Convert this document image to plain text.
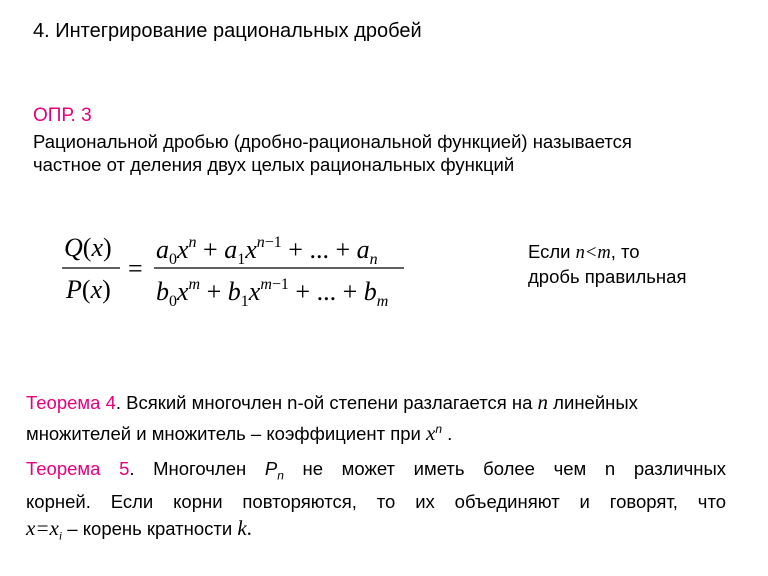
4. Интегрирование рациональных дробей
ОПР. 3
Рациональной дробью (дробно-рациональной функцией) называется
частное от деления двух целых рациональных функций
Q(x)
P(x)
=
$a_0x^n + a_1x^n-1$ + ... + $a_n$
$b_0x^m + b_1x^m-1$ + ... + $b_m$
Если n<m, то
дробь правильная
Теорема 4. Всякий многочлен n-ой степени разлагается на n линейных
множителей и множитель – коэффициент при $x^n$ .
Теорема 5. Многочлен $P_n$ не может иметь более чем n различных
корней. Если корни повторяются, то их объединяют и говорят, что
$x=x_i$ – корень кратности k.
